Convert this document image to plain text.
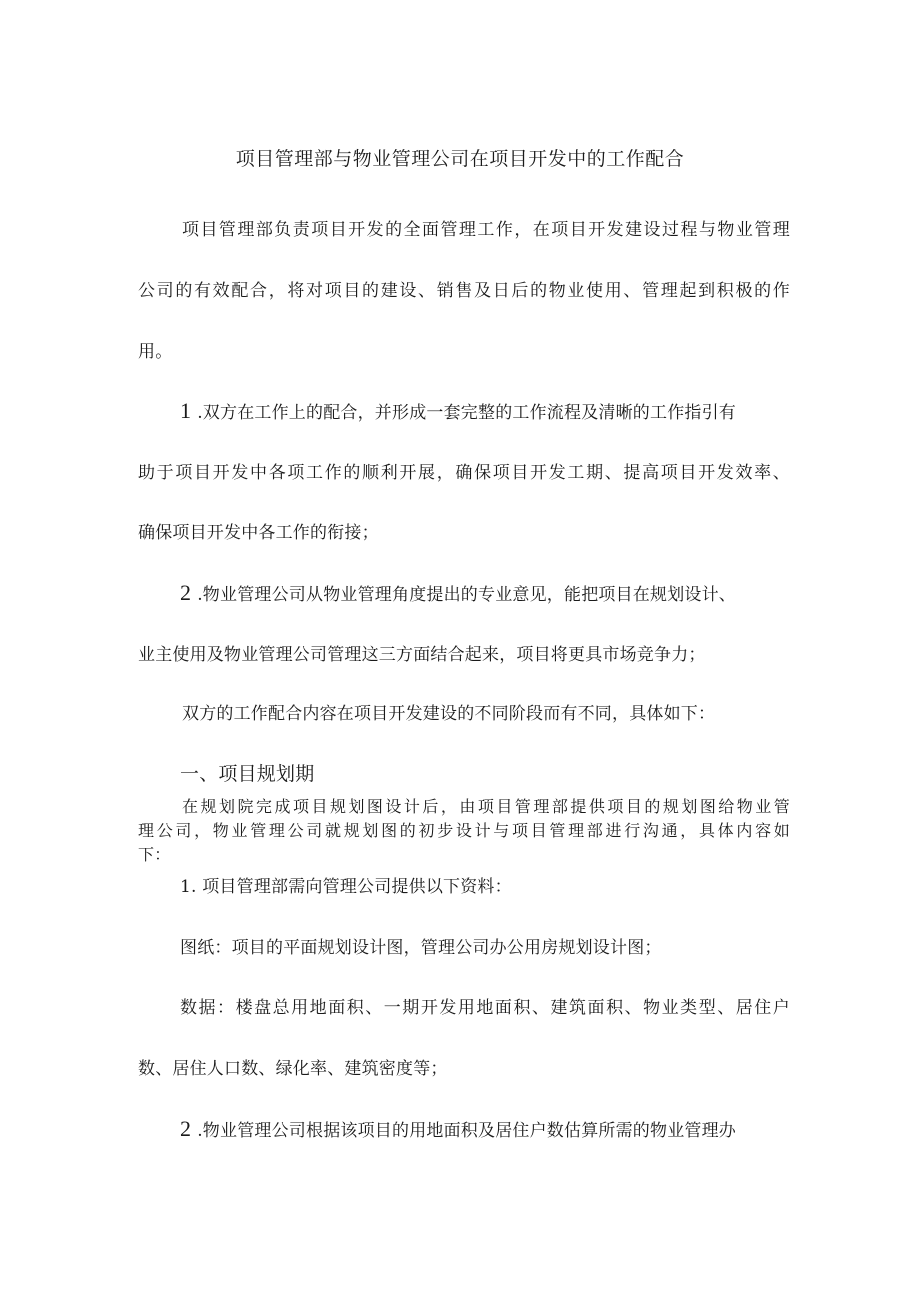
项目管理部与物业管理公司在项目开发中的工作配合
项目管理部负责项目开发的全面管理工作，在项目开发建设过程与物业管理
公司的有效配合，将对项目的建设、销售及日后的物业使用、管理起到积极的作
用。
1 .双方在工作上的配合，并形成一套完整的工作流程及清晰的工作指引有
助于项目开发中各项工作的顺利开展，确保项目开发工期、提高项目开发效率、
确保项目开发中各工作的衔接；
2 .物业管理公司从物业管理角度提出的专业意见，能把项目在规划设计、
业主使用及物业管理公司管理这三方面结合起来，项目将更具市场竞争力；
双方的工作配合内容在项目开发建设的不同阶段而有不同，具体如下：
一、项目规划期
在规划院完成项目规划图设计后，由项目管理部提供项目的规划图给物业管
理公司，物业管理公司就规划图的初步设计与项目管理部进行沟通，具体内容如
下：
1. 项目管理部需向管理公司提供以下资料：
图纸：项目的平面规划设计图，管理公司办公用房规划设计图；
数据：楼盘总用地面积、一期开发用地面积、建筑面积、物业类型、居住户
数、居住人口数、绿化率、建筑密度等；
2 .物业管理公司根据该项目的用地面积及居住户数估算所需的物业管理办
